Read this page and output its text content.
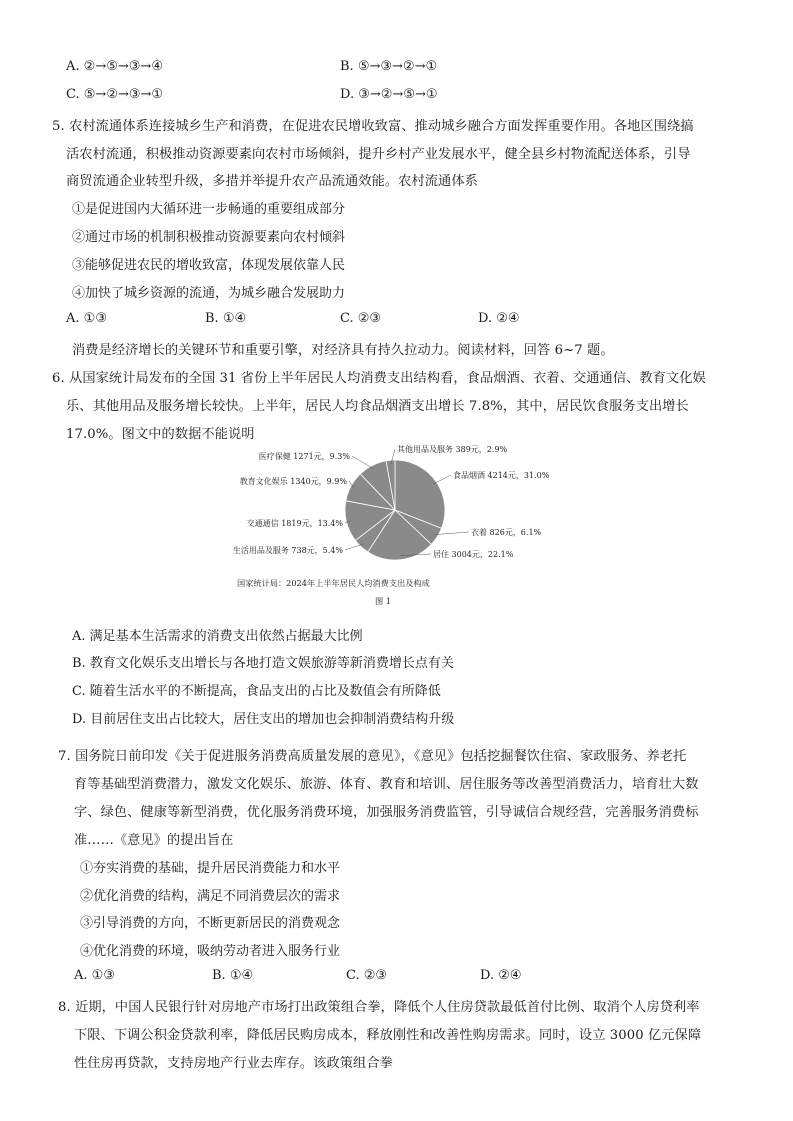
A. ②→⑤→③→④	B. ⑤→③→②→①
C. ⑤→②→③→①	D. ③→②→⑤→①
5. 农村流通体系连接城乡生产和消费，在促进农民增收致富、推动城乡融合方面发挥重要作用。各地区围绕搞
活农村流通，积极推动资源要素向农村市场倾斜，提升乡村产业发展水平，健全县乡村物流配送体系，引导
商贸流通企业转型升级，多措并举提升农产品流通效能。农村流通体系
①是促进国内大循环进一步畅通的重要组成部分
②通过市场的机制积极推动资源要素向农村倾斜
③能够促进农民的增收致富，体现发展依靠人民
④加快了城乡资源的流通，为城乡融合发展助力
A. ①③	B. ①④	C. ②③	D. ②④
消费是经济增长的关键环节和重要引擎，对经济具有持久拉动力。阅读材料，回答 6~7 题。
6. 从国家统计局发布的全国 31 省份上半年居民人均消费支出结构看，食品烟酒、衣着、交通通信、教育文化娱
乐、其他用品及服务增长较快。上半年，居民人均食品烟酒支出增长 7.8%，其中，居民饮食服务支出增长
17.0%。图文中的数据不能说明
食品烟酒 4214元，31.0%
衣着 826元，6.1%
居住 3004元，22.1%
生活用品及服务 738元，5.4%
交通通信 1819元，13.4%
教育文化娱乐 1340元，9.9%
医疗保健 1271元，9.3%
其他用品及服务 389元，2.9%
国家统计局：2024年上半年居民人均消费支出及构成
图 1
A. 满足基本生活需求的消费支出依然占据最大比例
B. 教育文化娱乐支出增长与各地打造文娱旅游等新消费增长点有关
C. 随着生活水平的不断提高，食品支出的占比及数值会有所降低
D. 目前居住支出占比较大，居住支出的增加也会抑制消费结构升级
7. 国务院日前印发《关于促进服务消费高质量发展的意见》，《意见》包括挖掘餐饮住宿、家政服务、养老托
育等基础型消费潜力，激发文化娱乐、旅游、体育、教育和培训、居住服务等改善型消费活力，培育壮大数
字、绿色、健康等新型消费，优化服务消费环境，加强服务消费监管，引导诚信合规经营，完善服务消费标
准……《意见》的提出旨在
①夯实消费的基础，提升居民消费能力和水平
②优化消费的结构，满足不同消费层次的需求
③引导消费的方向，不断更新居民的消费观念
④优化消费的环境，吸纳劳动者进入服务行业
A. ①③	B. ①④	C. ②③	D. ②④
8. 近期，中国人民银行针对房地产市场打出政策组合拳，降低个人住房贷款最低首付比例、取消个人房贷利率
下限、下调公积金贷款利率，降低居民购房成本，释放刚性和改善性购房需求。同时，设立 3000 亿元保障
性住房再贷款，支持房地产行业去库存。该政策组合拳
